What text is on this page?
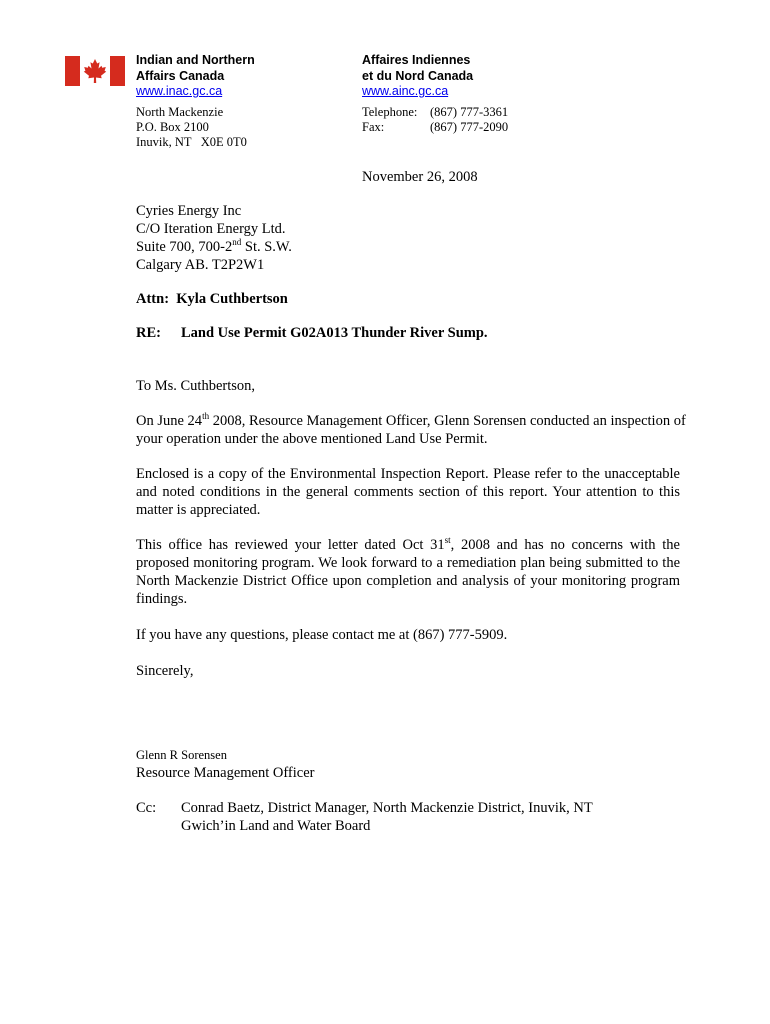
Indian and Northern
Affairs Canada
www.inac.gc.ca
Affaires Indiennes
et du Nord Canada
www.ainc.gc.ca
North Mackenzie
P.O. Box 2100
Inuvik, NT   X0E 0T0
Telephone: (867) 777-3361
Fax:	(867) 777-2090
November 26, 2008
Cyries Energy Inc
C/O Iteration Energy Ltd.
Suite 700, 700-2nd St. S.W.
Calgary AB. T2P2W1
Attn:  Kyla Cuthbertson
RE: Land Use Permit G02A013 Thunder River Sump.
To Ms. Cuthbertson,
On June 24th 2008, Resource Management Officer, Glenn Sorensen conducted an inspection of your operation under the above mentioned Land Use Permit.
Enclosed is a copy of the Environmental Inspection Report. Please refer to the unacceptable and noted conditions in the general comments section of this report. Your attention to this matter is appreciated.
This office has reviewed your letter dated Oct 31st, 2008 and has no concerns with the proposed monitoring program. We look forward to a remediation plan being submitted to the North Mackenzie District Office upon completion and analysis of your monitoring program findings.
If you have any questions, please contact me at (867) 777-5909.
Sincerely,
Glenn R Sorensen
Resource Management Officer
Cc: Conrad Baetz, District Manager, North Mackenzie District, Inuvik, NT
Gwich’in Land and Water Board
